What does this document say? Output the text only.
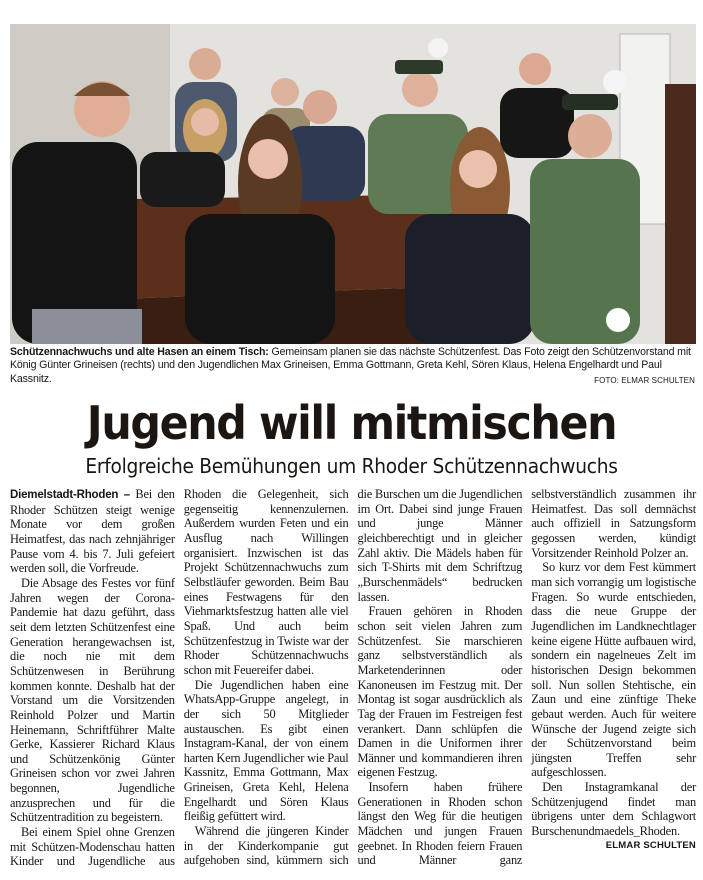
Schützennachwuchs und alte Hasen an einem Tisch: Gemeinsam planen sie das nächste Schützenfest. Das Foto zeigt den Schützenvorstand mit König Günter Grineisen (rechts) und den Jugendlichen Max Grineisen, Emma Gottmann, Greta Kehl, Sören Klaus, Helena Engelhardt und Paul Kassnitz.	FOTO: ELMAR SCHULTEN
Jugend will mitmischen
Erfolgreiche Bemühungen um Rhoder Schützennachwuchs

Diemelstadt-Rhoden – Bei den Rhoder Schützen steigt wenige Monate vor dem großen Heimatfest, das nach zehnjähriger Pause vom 4. bis 7. Juli gefeiert werden soll, die Vorfreude.

Die Absage des Festes vor fünf Jahren wegen der Corona-Pandemie hat dazu geführt, dass seit dem letzten Schützenfest eine Generation herangewachsen ist, die noch nie mit dem Schützenwesen in Berührung kommen konnte. Deshalb hat der Vorstand um die Vorsitzenden Reinhold Polzer und Martin Heinemann, Schriftführer Malte Gerke, Kassierer Richard Klaus und Schützenkönig Günter Grineisen schon vor zwei Jahren begonnen, Jugendliche anzusprechen und für die Schützentradition zu begeistern.

Bei einem Spiel ohne Grenzen mit Schützen-Modenschau hatten Kinder und Jugendliche aus Rhoden die Gelegenheit, sich gegenseitig kennenzulernen. Außerdem wurden Feten und ein Ausflug nach Willingen organisiert. Inzwischen ist das Projekt Schützennachwuchs zum Selbstläufer geworden. Beim Bau eines Festwagens für den Viehmarktsfestzug hatten alle viel Spaß. Und auch beim Schützenfestzug in Twiste war der Rhoder Schützennachwuchs schon mit Feuereifer dabei.

Die Jugendlichen haben eine WhatsApp-Gruppe angelegt, in der sich 50 Mitglieder austauschen. Es gibt einen Instagram-Kanal, der von einem harten Kern Jugendlicher wie Paul Kassnitz, Emma Gottmann, Max Grineisen, Greta Kehl, Helena Engelhardt und Sören Klaus fleißig gefüttert wird.

Während die jüngeren Kinder in der Kinderkompanie gut aufgehoben sind, kümmern sich die Burschen um die Jugendlichen im Ort. Dabei sind junge Frauen und junge Männer gleichberechtigt und in gleicher Zahl aktiv. Die Mädels haben für sich T-Shirts mit dem Schriftzug „Burschenmädels“ bedrucken lassen.

Frauen gehören in Rhoden schon seit vielen Jahren zum Schützenfest. Sie marschieren ganz selbstverständlich als Marketenderinnen oder Kanoneusen im Festzug mit. Der Montag ist sogar ausdrücklich als Tag der Frauen im Festreigen fest verankert. Dann schlüpfen die Damen in die Uniformen ihrer Männer und kommandieren ihren eigenen Festzug.

Insofern haben frühere Generationen in Rhoden schon längst den Weg für die heutigen Mädchen und jungen Frauen geebnet. In Rhoden feiern Frauen und Männer ganz selbstverständlich zusammen ihr Heimatfest. Das soll demnächst auch offiziell in Satzungsform gegossen werden, kündigt Vorsitzender Reinhold Polzer an.

So kurz vor dem Fest kümmert man sich vorrangig um logistische Fragen. So wurde entschieden, dass die neue Gruppe der Jugendlichen im Landknechtlager keine eigene Hütte aufbauen wird, sondern ein nagelneues Zelt im historischen Design bekommen soll. Nun sollen Stehtische, ein Zaun und eine zünftige Theke gebaut werden. Auch für weitere Wünsche der Jugend zeigte sich der Schützenvorstand beim jüngsten Treffen sehr aufgeschlossen.

Den Instagramkanal der Schützenjugend findet man übrigens unter dem Schlagwort Burschenundmaedels_Rhoden.
ELMAR SCHULTEN
